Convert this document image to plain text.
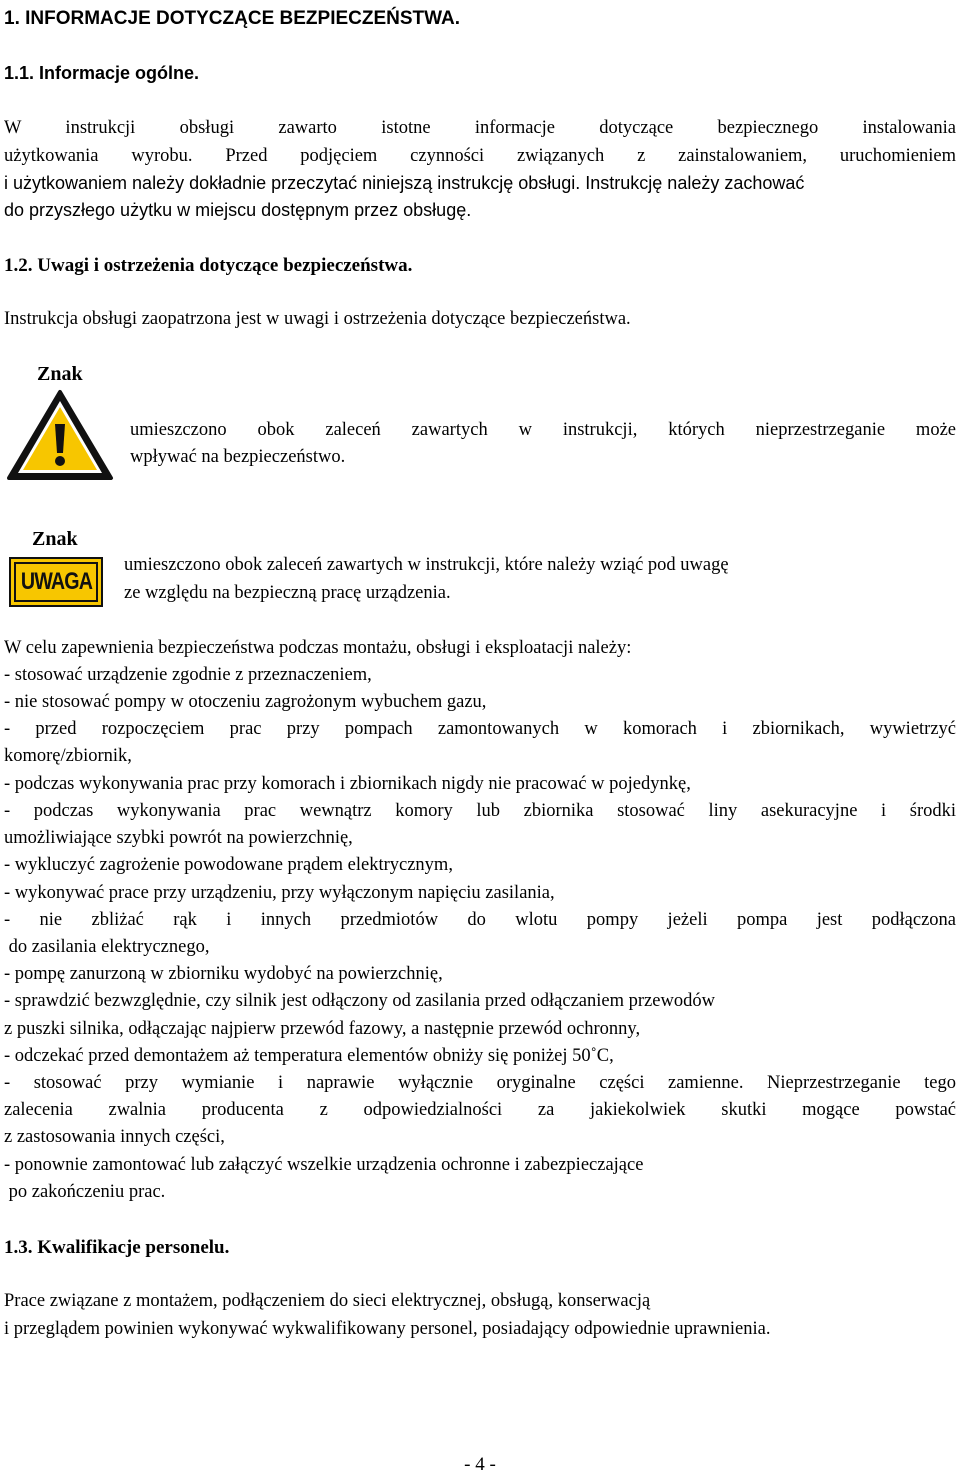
1. INFORMACJE DOTYCZĄCE BEZPIECZEŃSTWA.
1.1. Informacje ogólne.
W instrukcji obsługi zawarto istotne informacje dotyczące bezpiecznego instalowania
użytkowania wyrobu. Przed podjęciem czynności związanych z zainstalowaniem, uruchomieniem
i użytkowaniem należy dokładnie przeczytać niniejszą instrukcję obsługi. Instrukcję należy zachować
do przyszłego użytku w miejscu dostępnym przez obsługę.
1.2. Uwagi i ostrzeżenia dotyczące bezpieczeństwa.
Instrukcja obsługi zaopatrzona jest w uwagi i ostrzeżenia dotyczące bezpieczeństwa.
Znak
umieszczono obok zaleceń zawartych w instrukcji, których nieprzestrzeganie może
wpływać na bezpieczeństwo.
Znak
UWAGA
umieszczono obok zaleceń zawartych w instrukcji, które należy wziąć pod uwagę
ze względu na bezpieczną pracę urządzenia.
W celu zapewnienia bezpieczeństwa podczas montażu, obsługi i eksploatacji należy:
- stosować urządzenie zgodnie z przeznaczeniem,
- nie stosować pompy w otoczeniu zagrożonym wybuchem gazu,
- przed rozpoczęciem prac przy pompach zamontowanych w komorach i zbiornikach, wywietrzyć
komorę/zbiornik,
- podczas wykonywania prac przy komorach i zbiornikach nigdy nie pracować w pojedynkę,
- podczas wykonywania prac wewnątrz komory lub zbiornika stosować liny asekuracyjne i środki
umożliwiające szybki powrót na powierzchnię,
- wykluczyć zagrożenie powodowane prądem elektrycznym,
- wykonywać prace przy urządzeniu, przy wyłączonym napięciu zasilania,
- nie zbliżać rąk i innych przedmiotów do wlotu pompy jeżeli pompa jest podłączona
do zasilania elektrycznego,
- pompę zanurzoną w zbiorniku wydobyć na powierzchnię,
- sprawdzić bezwzględnie, czy silnik jest odłączony od zasilania przed odłączaniem przewodów
z puszki silnika, odłączając najpierw przewód fazowy, a następnie przewód ochronny,
- odczekać przed demontażem aż temperatura elementów obniży się poniżej 50˚C,
- stosować przy wymianie i naprawie wyłącznie oryginalne części zamienne. Nieprzestrzeganie tego
zalecenia zwalnia producenta z odpowiedzialności za jakiekolwiek skutki mogące powstać
z zastosowania innych części,
- ponownie zamontować lub załączyć wszelkie urządzenia ochronne i zabezpieczające
po zakończeniu prac.
1.3. Kwalifikacje personelu.
Prace związane z montażem, podłączeniem do sieci elektrycznej, obsługą, konserwacją
i przeglądem powinien wykonywać wykwalifikowany personel, posiadający odpowiednie uprawnienia.
- 4 -
